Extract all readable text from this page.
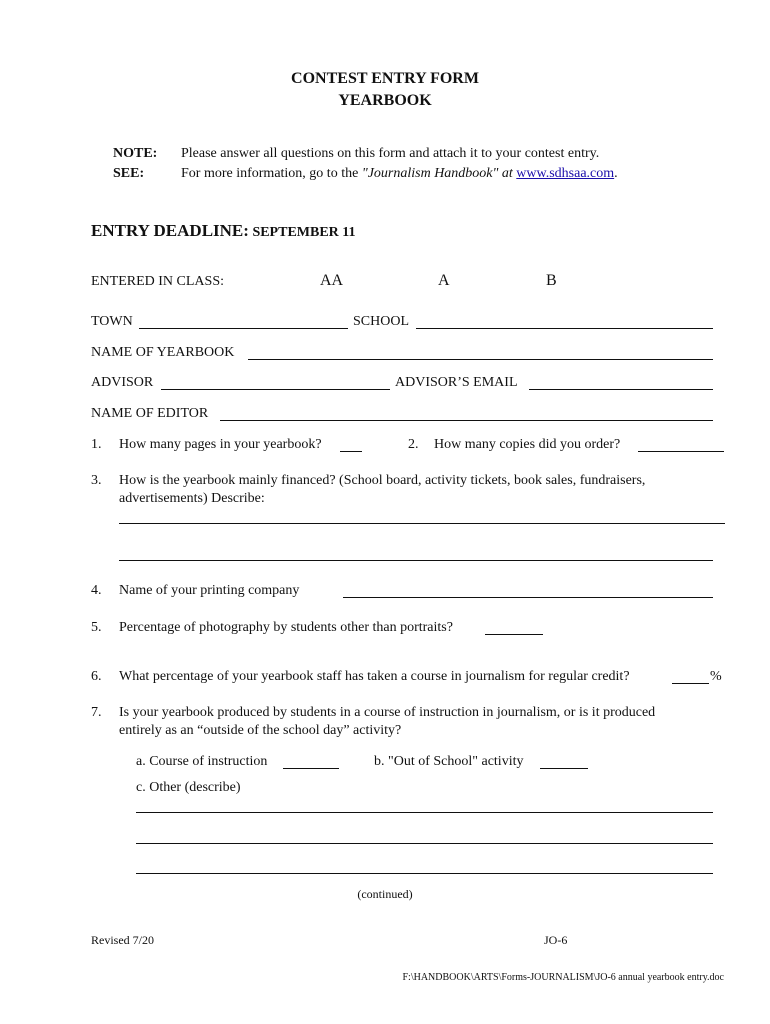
CONTEST ENTRY FORM
YEARBOOK
NOTE: Please answer all questions on this form and attach it to your contest entry.
SEE:	For more information, go to the "Journalism Handbook" at www.sdhsaa.com.
ENTRY DEADLINE: SEPTEMBER 11
ENTERED IN CLASS:	AA	A	B
TOWN	SCHOOL
NAME OF YEARBOOK
ADVISOR	ADVISOR’S EMAIL
NAME OF EDITOR
1. How many pages in your yearbook?	2. How many copies did you order?
3. How is the yearbook mainly financed? (School board, activity tickets, book sales, fundraisers,
advertisements) Describe:
4. Name of your printing company
5. Percentage of photography by students other than portraits?
6. What percentage of your yearbook staff has taken a course in journalism for regular credit?	%
7. Is your yearbook produced by students in a course of instruction in journalism, or is it produced
entirely as an “outside of the school day” activity?
a. Course of instruction	b. "Out of School" activity
c. Other (describe)
(continued)
Revised 7/20	JO-6
F:\HANDBOOK\ARTS\Forms-JOURNALISM\JO-6 annual yearbook entry.doc
